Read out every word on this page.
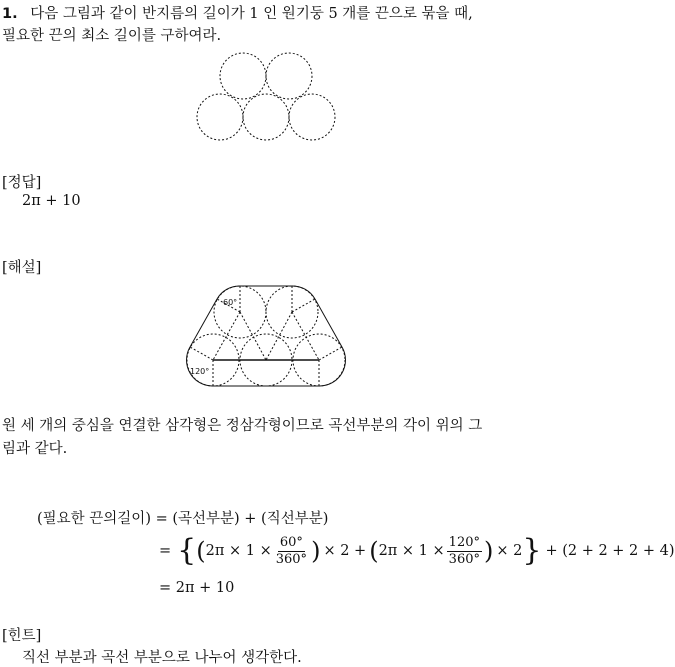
1. 다음 그림과 같이 반지름의 길이가 1 인 원기둥 5 개를 끈으로 묶을 때,
필요한 끈의 최소 길이를 구하여라.
[정답]
2π + 10
[해설]
60°
120°
원 세 개의 중심을 연결한 삼각형은 정삼각형이므로 곡선부분의 각이 위의 그
림과 같다.
(필요한 끈의길이) = (곡선부분) + (직선부분)
= { ( $2\pi \times 1 \times \frac{60^\circ}{360^\circ}$ ) × 2 + ( $2\pi \times 1 \times \frac{120^\circ}{360^\circ}$ ) × 2 } + (2 + 2 + 2 + 4)
= 2π + 10
[힌트]
직선 부분과 곡선 부분으로 나누어 생각한다.
